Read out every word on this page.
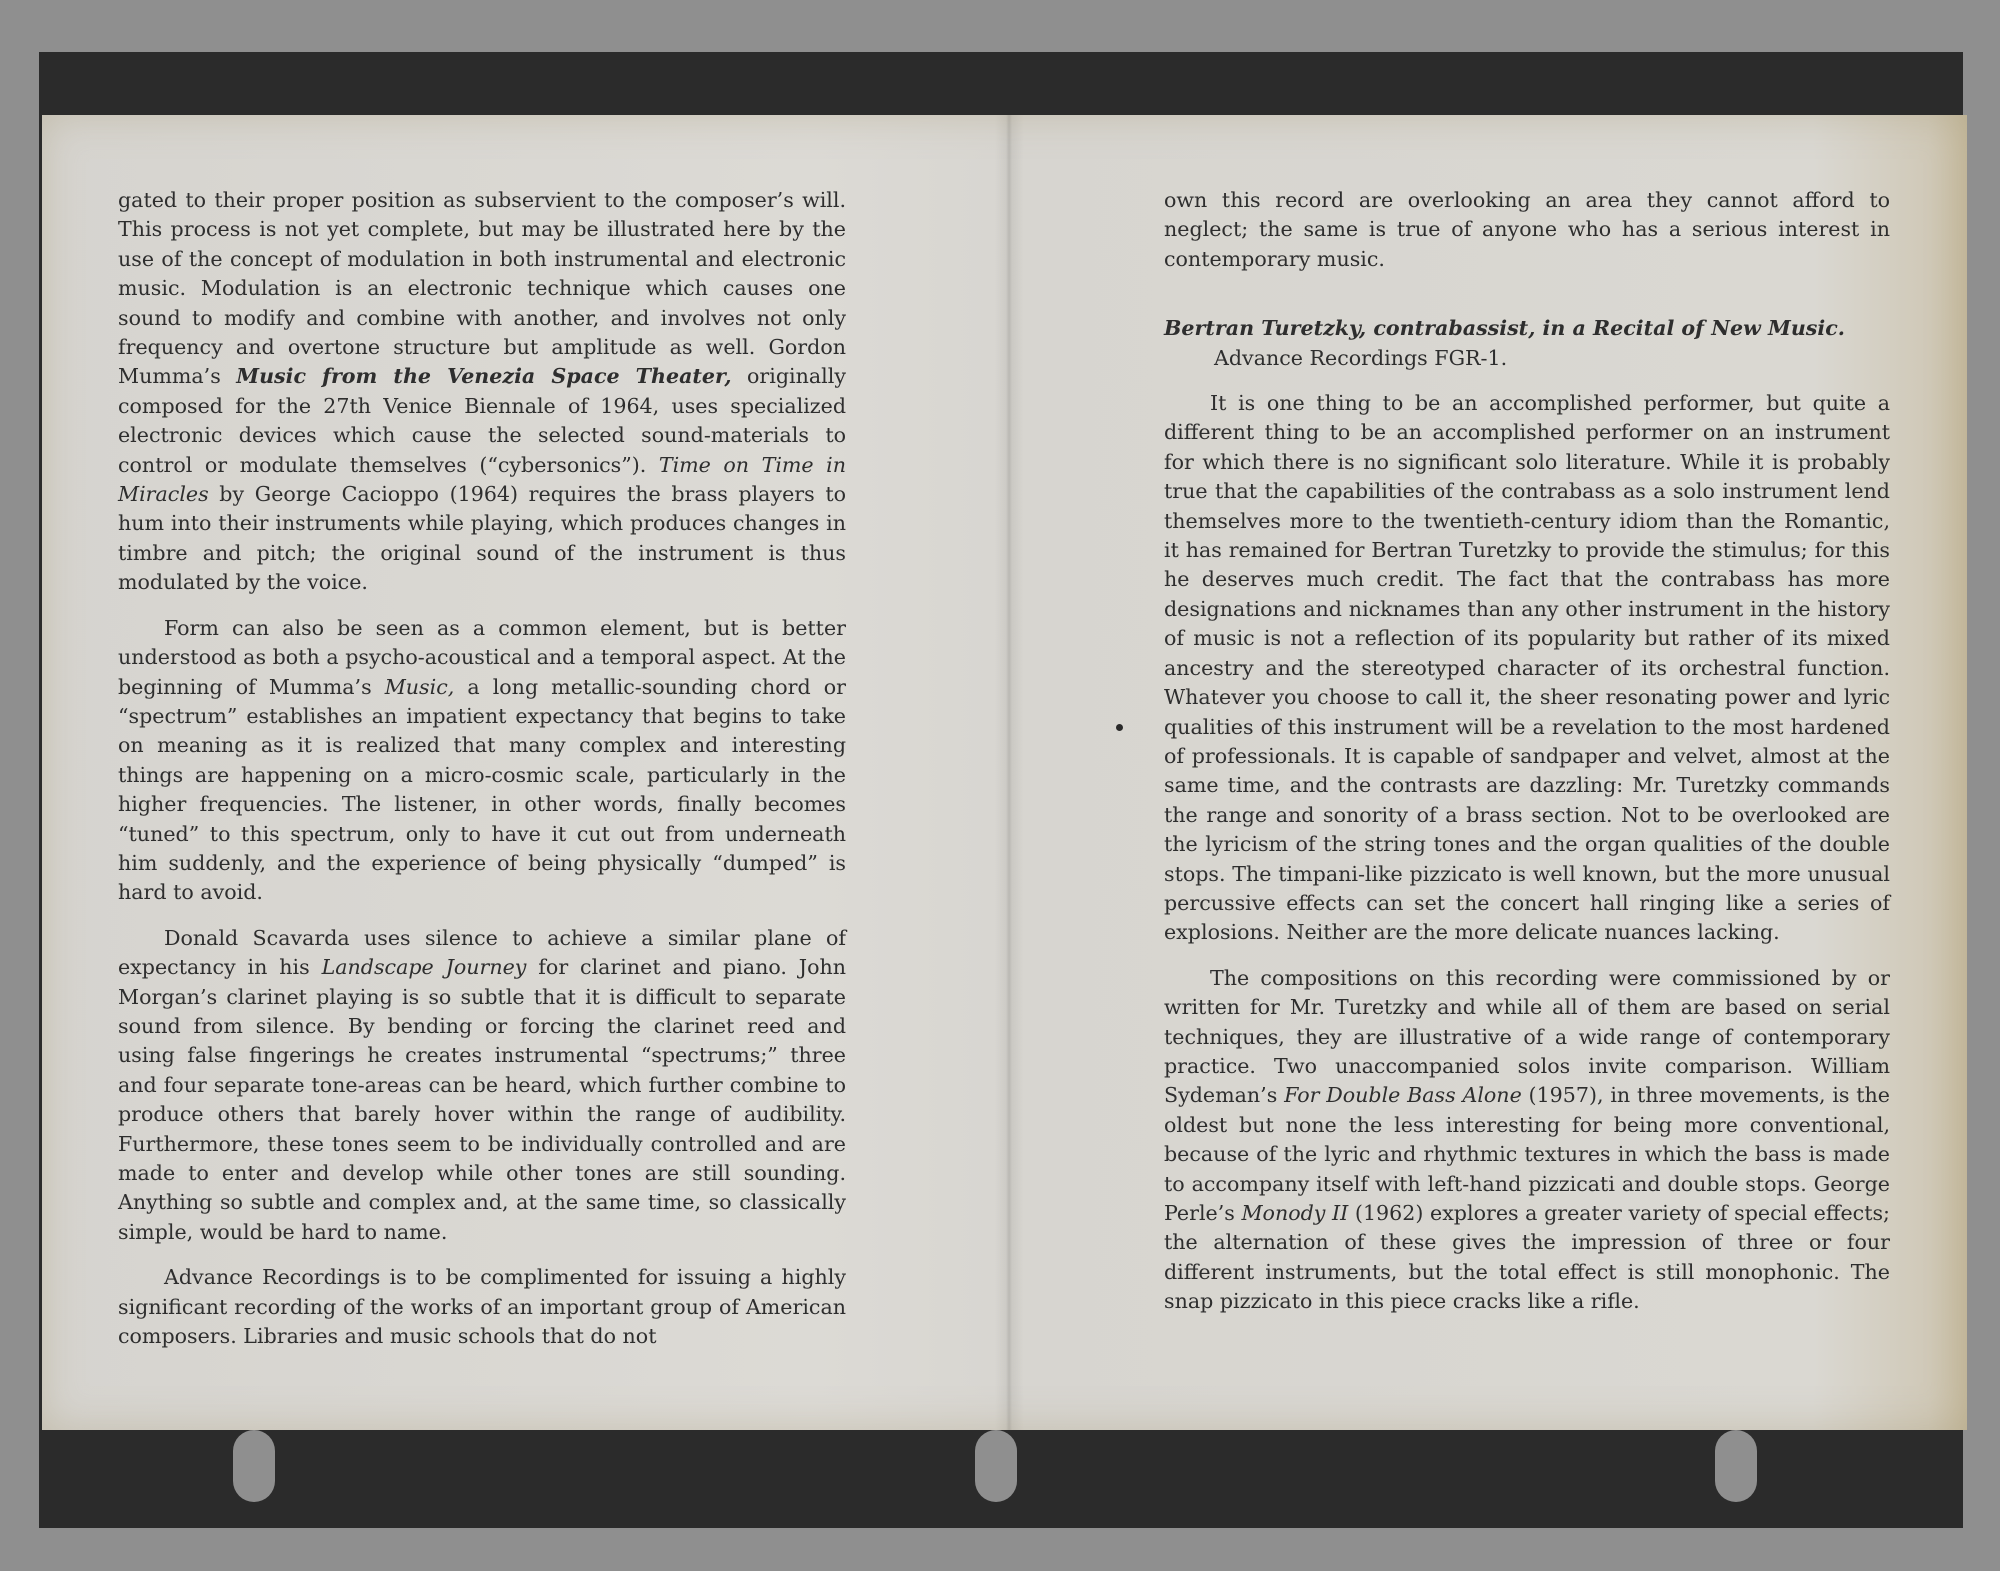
gated to their proper position as subservient to the composer’s will. This process is not yet complete, but may be illustrated here by the use of the concept of modulation in both instrumental and electronic music. Modulation is an electronic technique which causes one sound to modify and combine with another, and involves not only frequency and overtone structure but amplitude as well. Gordon Mumma’s Music from the Venezia Space Theater, originally composed for the 27th Venice Biennale of 1964, uses specialized electronic devices which cause the selected sound-materials to control or modulate themselves (“cybersonics”). Time on Time in Miracles by George Cacioppo (1964) requires the brass players to hum into their instruments while playing, which produces changes in timbre and pitch; the original sound of the instrument is thus modulated by the voice.

Form can also be seen as a common element, but is better understood as both a psycho-acoustical and a temporal aspect. At the beginning of Mumma’s Music, a long metallic-sounding chord or “spectrum” establishes an impatient expectancy that begins to take on meaning as it is realized that many complex and interesting things are happening on a micro-cosmic scale, particularly in the higher frequencies. The listener, in other words, finally becomes “tuned” to this spectrum, only to have it cut out from underneath him suddenly, and the experience of being physically “dumped” is hard to avoid.

Donald Scavarda uses silence to achieve a similar plane of expectancy in his Landscape Journey for clarinet and piano. John Morgan’s clarinet playing is so subtle that it is difficult to separate sound from silence. By bending or forcing the clarinet reed and using false fingerings he creates instrumental “spectrums;” three and four separate tone-areas can be heard, which further combine to produce others that barely hover within the range of audibility. Furthermore, these tones seem to be individually controlled and are made to enter and develop while other tones are still sounding. Anything so subtle and complex and, at the same time, so classically simple, would be hard to name.

Advance Recordings is to be complimented for issuing a highly significant recording of the works of an important group of American composers. Libraries and music schools that do not

own this record are overlooking an area they cannot afford to neglect; the same is true of anyone who has a serious interest in contemporary music.

Bertran Turetzky, contrabassist, in a Recital of New Music.
Advance Recordings FGR-1.

It is one thing to be an accomplished performer, but quite a different thing to be an accomplished performer on an instrument for which there is no significant solo literature. While it is probably true that the capabilities of the contrabass as a solo instrument lend themselves more to the twentieth-century idiom than the Romantic, it has remained for Bertran Turetzky to provide the stimulus; for this he deserves much credit. The fact that the contrabass has more designations and nicknames than any other instrument in the history of music is not a reflection of its popularity but rather of its mixed ancestry and the stereotyped character of its orchestral function. Whatever you choose to call it, the sheer resonating power and lyric qualities of this instrument will be a revelation to the most hardened of professionals. It is capable of sandpaper and velvet, almost at the same time, and the contrasts are dazzling: Mr. Turetzky commands the range and sonority of a brass section. Not to be overlooked are the lyricism of the string tones and the organ qualities of the double stops. The timpani-like pizzicato is well known, but the more unusual percussive effects can set the concert hall ringing like a series of explosions. Neither are the more delicate nuances lacking.

The compositions on this recording were commissioned by or written for Mr. Turetzky and while all of them are based on serial techniques, they are illustrative of a wide range of contemporary practice. Two unaccompanied solos invite comparison. William Sydeman’s For Double Bass Alone (1957), in three movements, is the oldest but none the less interesting for being more conventional, because of the lyric and rhythmic textures in which the bass is made to accompany itself with left-hand pizzicati and double stops. George Perle’s Monody II (1962) explores a greater variety of special effects; the alternation of these gives the impression of three or four different instruments, but the total effect is still monophonic. The snap pizzicato in this piece cracks like a rifle.
